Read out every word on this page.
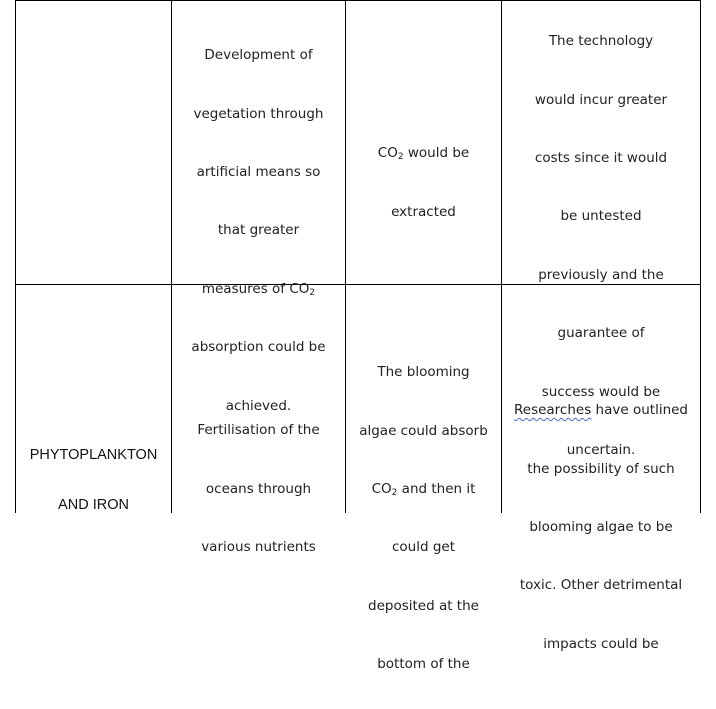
Development of

vegetation through

artificial means so

that greater

measures of $CO_2$

absorption could be

achieved.

$CO_2$ would be

extracted

The technology

would incur greater

costs since it would

be untested

previously and the

guarantee of

success would be

uncertain.

PHYTOPLANKTON

AND IRON

Fertilisation of the

oceans through

various nutrients

The blooming

algae could absorb

$CO_2$ and then it

could get

deposited at the

bottom of the

Researches have outlined

the possibility of such

blooming algae to be

toxic. Other detrimental

impacts could be
